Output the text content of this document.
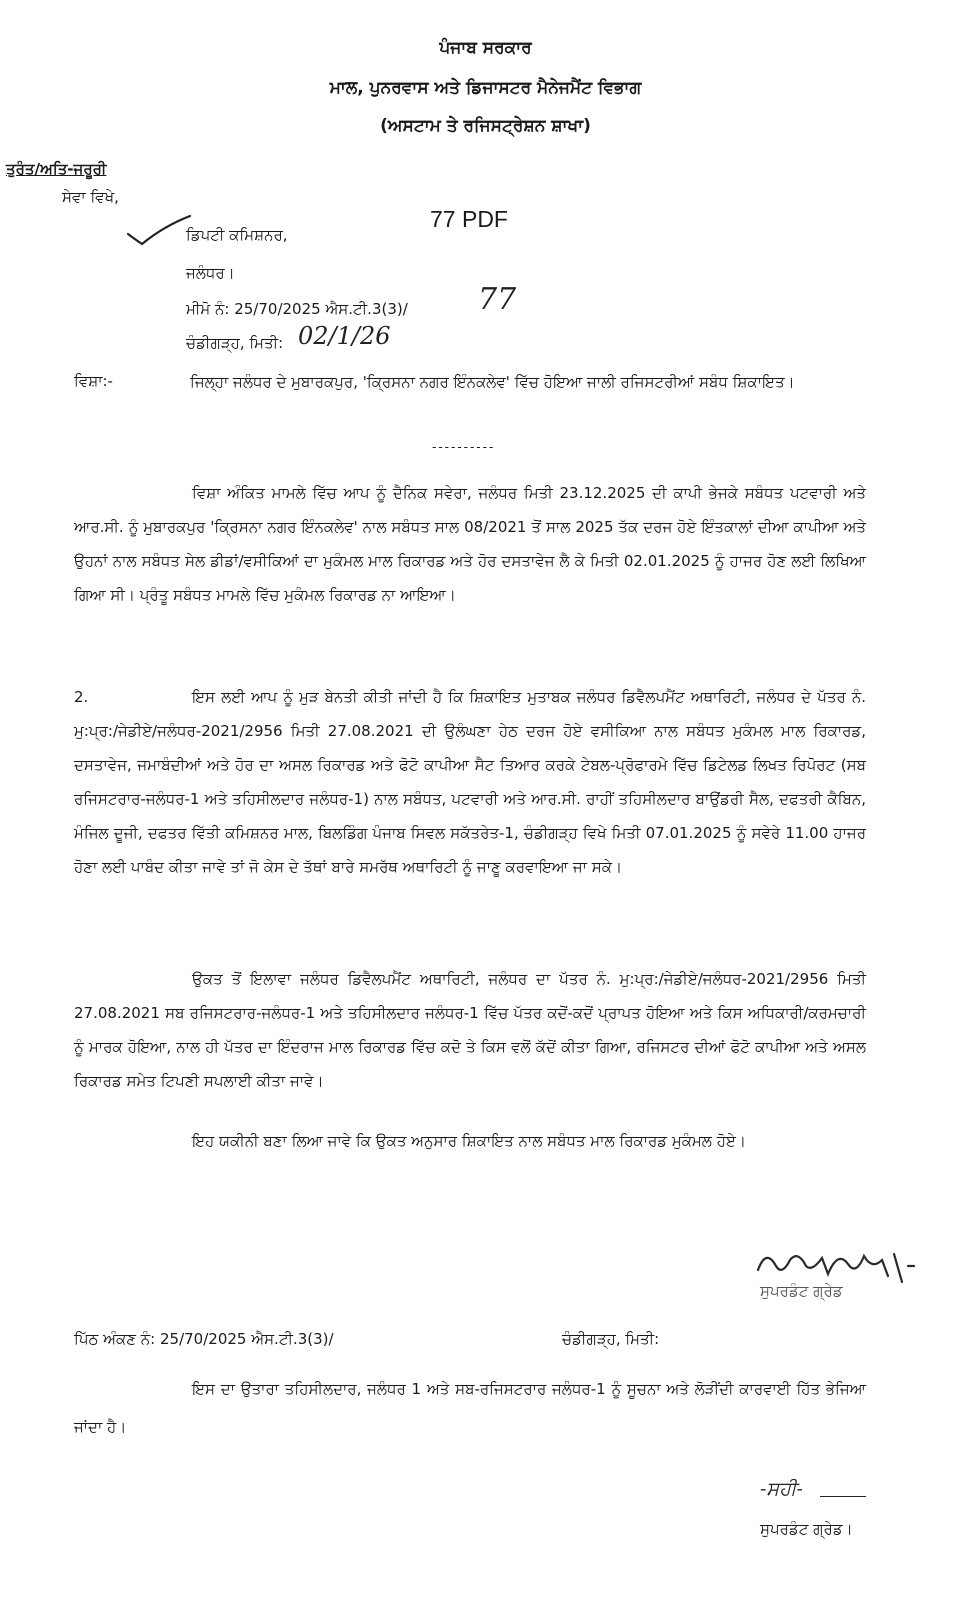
ਪੰਜਾਬ ਸਰਕਾਰ
ਮਾਲ, ਪੁਨਰਵਾਸ ਅਤੇ ਡਿਜਾਸਟਰ ਮੈਨੇਜਮੈਂਟ ਵਿਭਾਗ
(ਅਸਟਾਮ ਤੇ ਰਜਿਸਟ੍ਰੇਸ਼ਨ ਸ਼ਾਖਾ)
ਤੁਰੰਤ/ਅਤਿ-ਜਰੂਰੀ
ਸੇਵਾ ਵਿਖੇ,
ਡਿਪਟੀ ਕਮਿਸ਼ਨਰ,
77 PDF
ਜਲੰਧਰ।
ਮੀਮੋ ਨੰ: 25/70/2025 ਐਸ.ਟੀ.3(3)/ 77
ਚੰਡੀਗੜ੍ਹ, ਮਿਤੀ: 02/1/26
ਵਿਸ਼ਾ:-	ਜਿਲ੍ਹਾ ਜਲੰਧਰ ਦੇ ਮੁਬਾਰਕਪੁਰ, 'ਕ੍ਰਿਸਨਾ ਨਗਰ ਇੰਨਕਲੇਵ' ਵਿੱਚ ਹੋਇਆ ਜਾਲੀ ਰਜਿਸਟਰੀਆਂ ਸਬੰਧ ਸ਼ਿਕਾਇਤ।
----------
ਵਿਸ਼ਾ ਅੰਕਿਤ ਮਾਮਲੇ ਵਿੱਚ ਆਪ ਨੂੰ ਦੈਨਿਕ ਸਵੇਰਾ, ਜਲੰਧਰ ਮਿਤੀ 23.12.2025 ਦੀ ਕਾਪੀ ਭੇਜਕੇ ਸਬੰਧਤ ਪਟਵਾਰੀ ਅਤੇ ਆਰ.ਸੀ. ਨੂੰ ਮੁਬਾਰਕਪੁਰ 'ਕ੍ਰਿਸਨਾ ਨਗਰ ਇੰਨਕਲੇਵ' ਨਾਲ ਸਬੰਧਤ ਸਾਲ 08/2021 ਤੋਂ ਸਾਲ 2025 ਤੱਕ ਦਰਜ ਹੋਏ ਇੰਤਕਾਲਾਂ ਦੀਆ ਕਾਪੀਆ ਅਤੇ ਉਹਨਾਂ ਨਾਲ ਸਬੰਧਤ ਸੇਲ ਡੀਡਾਂ/ਵਸੀਕਿਆਂ ਦਾ ਮੁਕੰਮਲ ਮਾਲ ਰਿਕਾਰਡ ਅਤੇ ਹੋਰ ਦਸਤਾਵੇਜ ਲੈ ਕੇ ਮਿਤੀ 02.01.2025 ਨੂੰ ਹਾਜਰ ਹੋਣ ਲਈ ਲਿਖਿਆ ਗਿਆ ਸੀ। ਪ੍ਰੰਤੂ ਸਬੰਧਤ ਮਾਮਲੇ ਵਿੱਚ ਮੁਕੰਮਲ ਰਿਕਾਰਡ ਨਾ ਆਇਆ।
2.	ਇਸ ਲਈ ਆਪ ਨੂੰ ਮੁੜ ਬੇਨਤੀ ਕੀਤੀ ਜਾਂਦੀ ਹੈ ਕਿ ਸ਼ਿਕਾਇਤ ਮੁਤਾਬਕ ਜਲੰਧਰ ਡਿਵੈਲਪਮੈਂਟ ਅਥਾਰਿਟੀ, ਜਲੰਧਰ ਦੇ ਪੱਤਰ ਨੰ. ਮੁ:ਪ੍ਰ:/ਜੇਡੀਏ/ਜਲੰਧਰ-2021/2956 ਮਿਤੀ 27.08.2021 ਦੀ ਉਲੰਘਣਾ ਹੇਠ ਦਰਜ ਹੋਏ ਵਸੀਕਿਆ ਨਾਲ ਸਬੰਧਤ ਮੁਕੰਮਲ ਮਾਲ ਰਿਕਾਰਡ, ਦਸਤਾਵੇਜ, ਜਮਾਬੰਦੀਆਂ ਅਤੇ ਹੋਰ ਦਾ ਅਸਲ ਰਿਕਾਰਡ ਅਤੇ ਫੋਟੋ ਕਾਪੀਆ ਸੈਟ ਤਿਆਰ ਕਰਕੇ ਟੇਬਲ-ਪ੍ਰੋਫਾਰਮੇ ਵਿੱਚ ਡਿਟੇਲਡ ਲਿਖਤ ਰਿਪੋਰਟ (ਸਬ ਰਜਿਸਟਰਾਰ-ਜਲੰਧਰ-1 ਅਤੇ ਤਹਿਸੀਲਦਾਰ ਜਲੰਧਰ-1) ਨਾਲ ਸਬੰਧਤ, ਪਟਵਾਰੀ ਅਤੇ ਆਰ.ਸੀ. ਰਾਹੀਂ ਤਹਿਸੀਲਦਾਰ ਬਾਉਂਡਰੀ ਸੈਲ, ਦਫਤਰੀ ਕੈਬਿਨ, ਮੰਜਿਲ ਦੂਜੀ, ਦਫਤਰ ਵਿੱਤੀ ਕਮਿਸ਼ਨਰ ਮਾਲ, ਬਿਲਡਿੰਗ ਪੰਜਾਬ ਸਿਵਲ ਸਕੱਤਰੇਤ-1, ਚੰਡੀਗੜ੍ਹ ਵਿਖੇ ਮਿਤੀ 07.01.2025 ਨੂੰ ਸਵੇਰੇ 11.00 ਹਾਜਰ ਹੋਣਾ ਲਈ ਪਾਬੰਦ ਕੀਤਾ ਜਾਵੇ ਤਾਂ ਜੋ ਕੇਸ ਦੇ ਤੱਥਾਂ ਬਾਰੇ ਸਮਰੱਥ ਅਥਾਰਿਟੀ ਨੂੰ ਜਾਣੂ ਕਰਵਾਇਆ ਜਾ ਸਕੇ।
ਉਕਤ ਤੋਂ ਇਲਾਵਾ ਜਲੰਧਰ ਡਿਵੈਲਪਮੈਂਟ ਅਥਾਰਿਟੀ, ਜਲੰਧਰ ਦਾ ਪੱਤਰ ਨੰ. ਮੁ:ਪ੍ਰ:/ਜੇਡੀਏ/ਜਲੰਧਰ-2021/2956 ਮਿਤੀ 27.08.2021 ਸਬ ਰਜਿਸਟਰਾਰ-ਜਲੰਧਰ-1 ਅਤੇ ਤਹਿਸੀਲਦਾਰ ਜਲੰਧਰ-1 ਵਿੱਚ ਪੱਤਰ ਕਦੋਂ-ਕਦੋਂ ਪ੍ਰਾਪਤ ਹੋਇਆ ਅਤੇ ਕਿਸ ਅਧਿਕਾਰੀ/ਕਰਮਚਾਰੀ ਨੂੰ ਮਾਰਕ ਹੋਇਆ, ਨਾਲ ਹੀ ਪੱਤਰ ਦਾ ਇੰਦਰਾਜ ਮਾਲ ਰਿਕਾਰਡ ਵਿੱਚ ਕਦੋ ਤੇ ਕਿਸ ਵਲੋਂ ਕੱਦੋਂ ਕੀਤਾ ਗਿਆ, ਰਜਿਸਟਰ ਦੀਆਂ ਫੋਟੋ ਕਾਪੀਆ ਅਤੇ ਅਸਲ ਰਿਕਾਰਡ ਸਮੇਤ ਟਿਪਣੀ ਸਪਲਾਈ ਕੀਤਾ ਜਾਵੇ।
ਇਹ ਯਕੀਨੀ ਬਣਾ ਲਿਆ ਜਾਵੇ ਕਿ ਉਕਤ ਅਨੁਸਾਰ ਸ਼ਿਕਾਇਤ ਨਾਲ ਸਬੰਧਤ ਮਾਲ ਰਿਕਾਰਡ ਮੁਕੰਮਲ ਹੋਏ।
ਸੁਪਰਡੰਟ ਗ੍ਰੇਡ
ਪਿੱਠ ਅੰਕਣ ਨੰ: 25/70/2025 ਐਸ.ਟੀ.3(3)/	ਚੰਡੀਗੜ੍ਹ, ਮਿਤੀ:
ਇਸ ਦਾ ਉਤਾਰਾ ਤਹਿਸੀਲਦਾਰ, ਜਲੰਧਰ 1 ਅਤੇ ਸਬ-ਰਜਿਸਟਰਾਰ ਜਲੰਧਰ-1 ਨੂੰ ਸੂਚਨਾ ਅਤੇ ਲੋੜੀਂਦੀ ਕਾਰਵਾਈ ਹਿੱਤ ਭੇਜਿਆ ਜਾਂਦਾ ਹੈ।
-ਸਹੀ-
ਸੁਪਰਡੰਟ ਗ੍ਰੇਡ।
